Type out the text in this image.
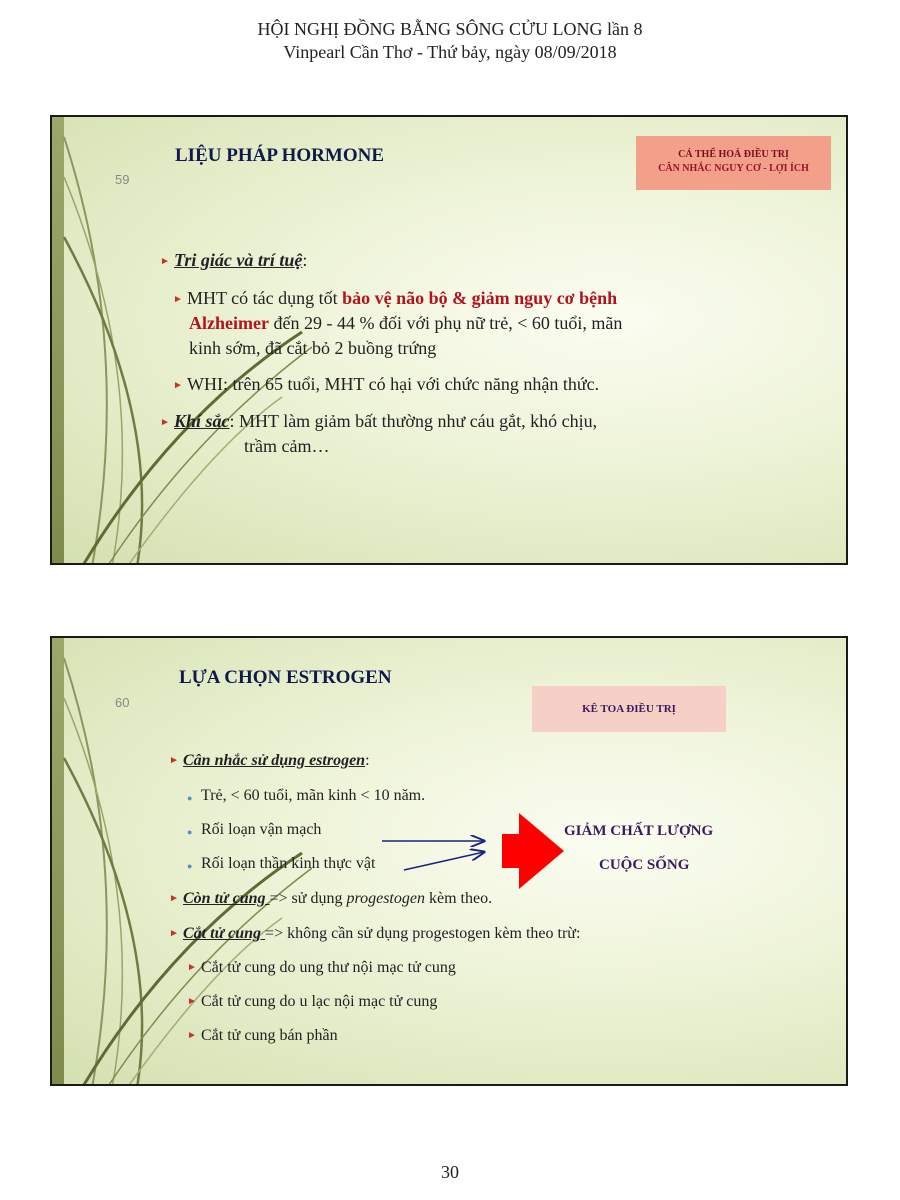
HỘI NGHỊ ĐỒNG BẰNG SÔNG CỬU LONG lần 8
Vinpearl Cần Thơ - Thứ bảy, ngày 08/09/2018
LIỆU PHÁP HORMONE
59
CÁ THỂ HOÁ ĐIỀU TRỊ
CÂN NHẮC NGUY CƠ - LỢI ÍCH
► Tri giác và trí tuệ:
► MHT có tác dụng tốt bảo vệ não bộ & giảm nguy cơ bệnh
Alzheimer đến 29 - 44 % đối với phụ nữ trẻ, < 60 tuổi, mãn
kinh sớm, đã cắt bỏ 2 buồng trứng
► WHI: trên 65 tuổi, MHT có hại với chức năng nhận thức.
► Khí sắc: MHT làm giảm bất thường như cáu gắt, khó chịu,
trầm cảm…
LỰA CHỌN ESTROGEN
60	KÊ TOA ĐIỀU TRỊ
► Cân nhắc sử dụng estrogen:
● Trẻ, < 60 tuổi, mãn kinh < 10 năm.
● Rối loạn vận mạch
● Rối loạn thần kinh thực vật
GIẢM CHẤT LƯỢNG
CUỘC SỐNG
► Còn tử cung => sử dụng progestogen kèm theo.
► Cắt tử cung => không cần sử dụng progestogen kèm theo trừ:
► Cắt tử cung do ung thư nội mạc tử cung
► Cắt tử cung do u lạc nội mạc tử cung
► Cắt tử cung bán phần
30
